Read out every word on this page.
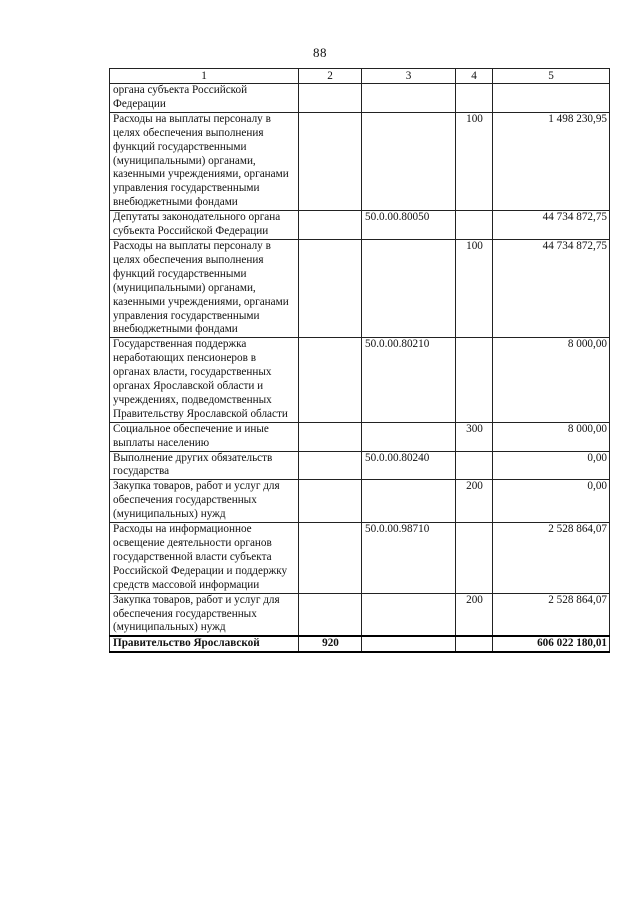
88
1	2	3	4	5
органа субъекта Российской Федерации				
Расходы на выплаты персоналу в целях обеспечения выполнения функций государственными (муниципальными) органами, казенными учреждениями, органами управления государственными внебюджетными фондами			100	1 498 230,95
Депутаты законодательного органа субъекта Российской Федерации		50.0.00.80050		44 734 872,75
Расходы на выплаты персоналу в целях обеспечения выполнения функций государственными (муниципальными) органами, казенными учреждениями, органами управления государственными внебюджетными фондами			100	44 734 872,75
Государственная поддержка неработающих пенсионеров в органах власти, государственных органах Ярославской области и учреждениях, подведомственных Правительству Ярославской области		50.0.00.80210		8 000,00
Социальное обеспечение и иные выплаты населению			300	8 000,00
Выполнение других обязательств государства		50.0.00.80240		0,00
Закупка товаров, работ и услуг для обеспечения государственных (муниципальных) нужд			200	0,00
Расходы на информационное освещение деятельности органов государственной власти субъекта Российской Федерации и поддержку средств массовой информации		50.0.00.98710		2 528 864,07
Закупка товаров, работ и услуг для обеспечения государственных (муниципальных) нужд			200	2 528 864,07
Правительство Ярославской	920			606 022 180,01
